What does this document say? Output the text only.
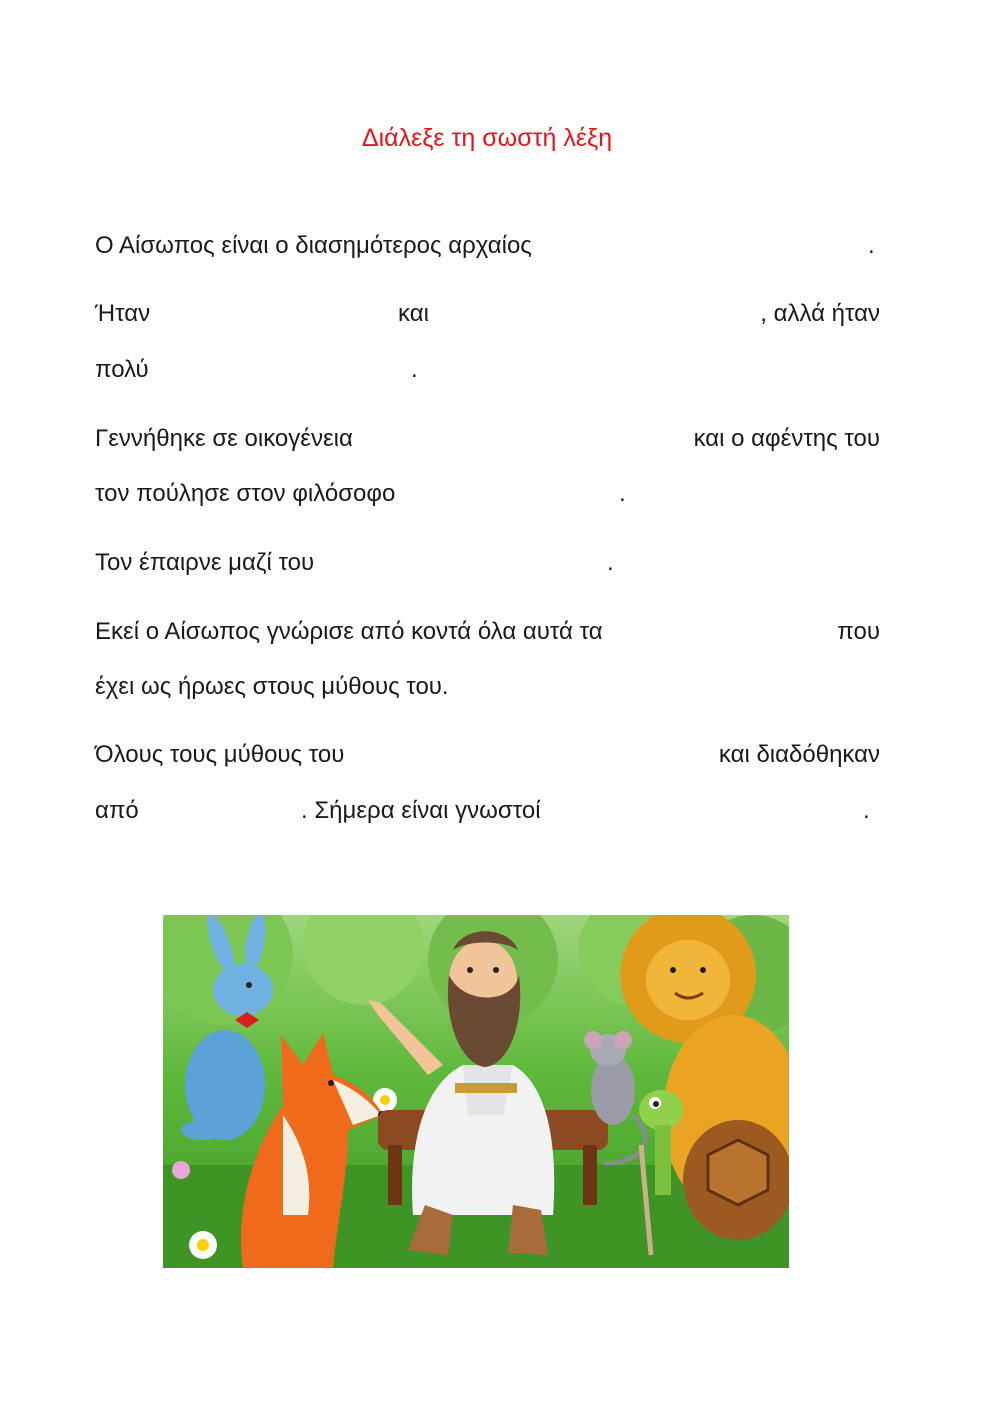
Διάλεξε τη σωστή λέξη
Ο Αίσωπος είναι ο διασημότερος αρχαίος	.
Ήταν	και	, αλλά ήταν
πολύ	.
Γεννήθηκε σε οικογένεια	και ο αφέντης του
τον πούλησε στον φιλόσοφο	.
Τον έπαιρνε μαζί του	.
Εκεί ο Αίσωπος γνώρισε από κοντά όλα αυτά τα	που
έχει ως ήρωες στους μύθους του.
Όλους τους μύθους του	και διαδόθηκαν
από	. Σήμερα είναι γνωστοί	.
